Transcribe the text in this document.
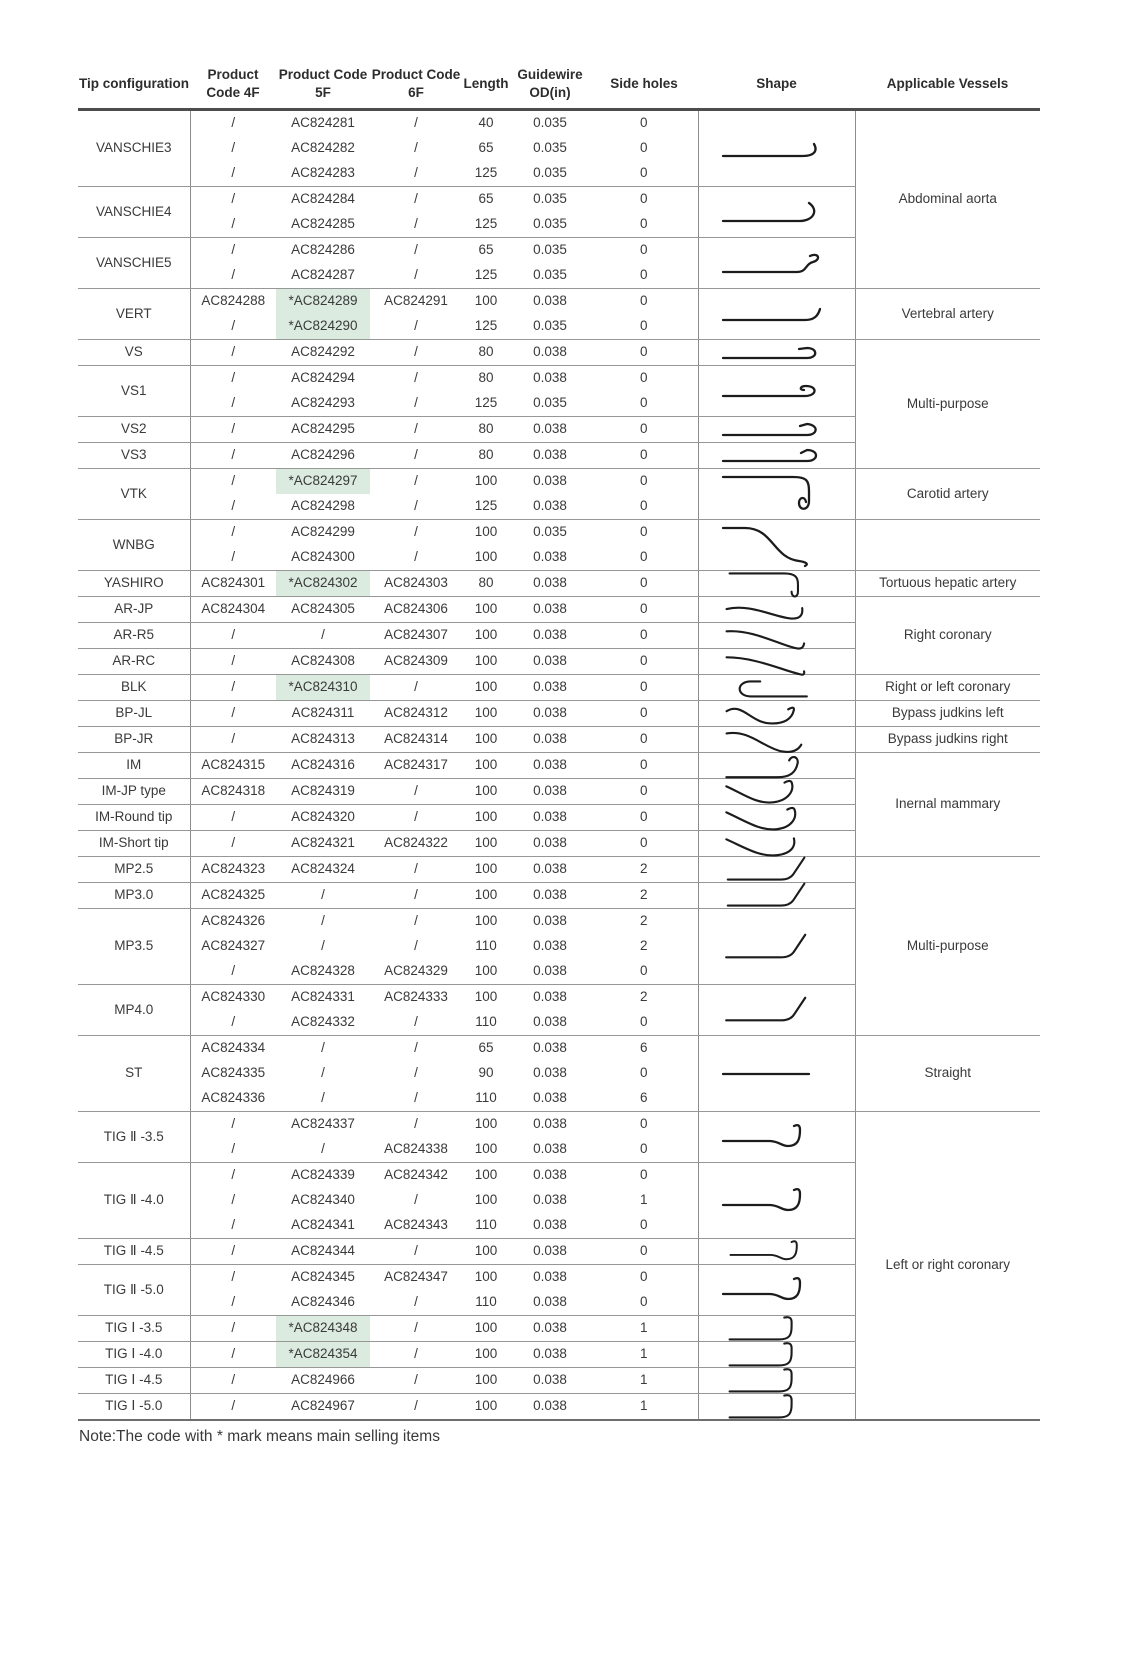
Tip configuration	Product Code 4F	Product Code 5F	Product Code 6F	Length	Guidewire OD(in)	Side holes	Shape	Applicable Vessels
VANSCHIE3	/	AC824281	/	40	0.035	0		Abdominal aorta
	/	AC824282	/	65	0.035	0		
	/	AC824283	/	125	0.035	0		
VANSCHIE4	/	AC824284	/	65	0.035	0	

	/	AC824285	/	125	0.035	0		
VANSCHIE5	/	AC824286	/	65	0.035	0	

	/	AC824287	/	125	0.035	0		
VERT	AC824288	*AC824289	AC824291	100	0.038	0		Vertebral artery
	/	*AC824290	/	125	0.035	0		
VS	/	AC824292	/	80	0.038	0		Multi-purpose
VS1	/	AC824294	/	80	0.038	0	

	/	AC824293	/	125	0.035	0		
VS2	/	AC824295	/	80	0.038	0	

VS3	/	AC824296	/	80	0.038	0	

VTK	/	*AC824297	/	100	0.038	0		Carotid artery
	/	AC824298	/	125	0.038	0		
WNBG	/	AC824299	/	100	0.035	0	

	/	AC824300	/	100	0.038	0		
YASHIRO	AC824301	*AC824302	AC824303	80	0.038	0		Tortuous hepatic artery
AR-JP	AC824304	AC824305	AC824306	100	0.038	0		Right coronary
AR-R5	/	/	AC824307	100	0.038	0	

AR-RC	/	AC824308	AC824309	100	0.038	0	

BLK	/	*AC824310	/	100	0.038	0		Right or left coronary
BP-JL	/	AC824311	AC824312	100	0.038	0		Bypass judkins left
BP-JR	/	AC824313	AC824314	100	0.038	0		Bypass judkins right
IM	AC824315	AC824316	AC824317	100	0.038	0		Inernal mammary
IM-JP type	AC824318	AC824319	/	100	0.038	0	

IM-Round tip	/	AC824320	/	100	0.038	0	

IM-Short tip	/	AC824321	AC824322	100	0.038	0	

MP2.5	AC824323	AC824324	/	100	0.038	2		Multi-purpose
MP3.0	AC824325	/	/	100	0.038	2	

MP3.5	AC824326	/	/	100	0.038	2	

	AC824327	/	/	110	0.038	2		
	/	AC824328	AC824329	100	0.038	0		
MP4.0	AC824330	AC824331	AC824333	100	0.038	2	

	/	AC824332	/	110	0.038	0		
ST	AC824334	/	/	65	0.038	6		Straight
	AC824335	/	/	90	0.038	0		
	AC824336	/	/	110	0.038	6		
TIG Ⅱ -3.5	/	AC824337	/	100	0.038	0		Left or right coronary
	/	/	AC824338	100	0.038	0		
TIG Ⅱ -4.0	/	AC824339	AC824342	100	0.038	0	

	/	AC824340	/	100	0.038	1		
	/	AC824341	AC824343	110	0.038	0		
TIG Ⅱ -4.5	/	AC824344	/	100	0.038	0	

TIG Ⅱ -5.0	/	AC824345	AC824347	100	0.038	0	

	/	AC824346	/	110	0.038	0		
TIG Ⅰ -3.5	/	*AC824348	/	100	0.038	1	

TIG Ⅰ -4.0	/	*AC824354	/	100	0.038	1	

TIG Ⅰ -4.5	/	AC824966	/	100	0.038	1	

TIG Ⅰ -5.0	/	AC824967	/	100	0.038	1	
Note:The code with * mark means main selling items
